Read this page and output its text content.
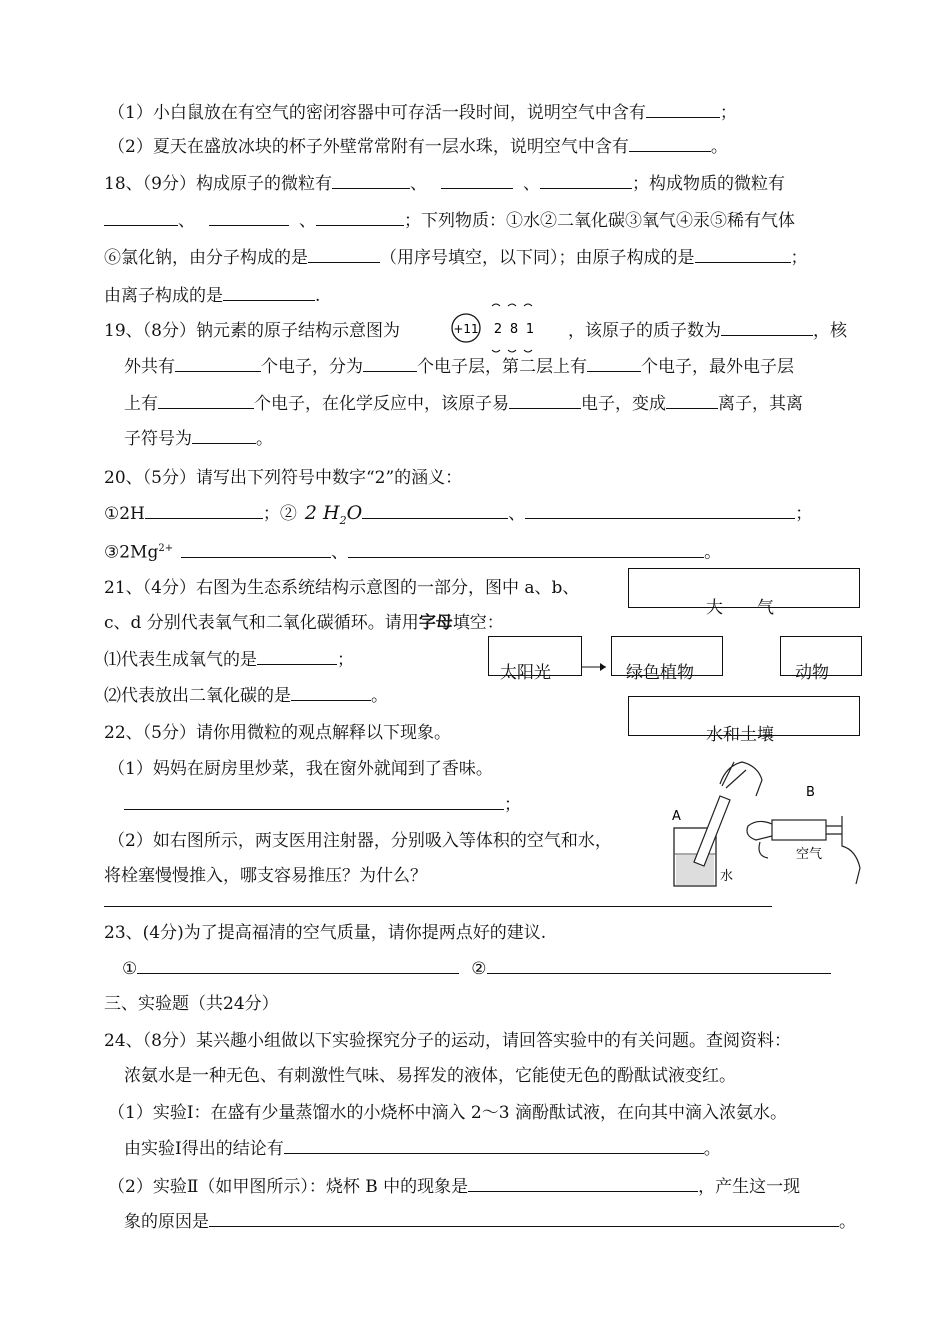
（1）小白鼠放在有空气的密闭容器中可存活一段时间，说明空气中含有	；
（2）夏天在盛放冰块的杯子外壁常常附有一层水珠，说明空气中含有	。
18、（9分）构成原子的微粒有	、	、	；构成物质的微粒有
、	、	；下列物质：①水②二氧化碳③氧气④汞⑤稀有气体
⑥氯化钠，由分子构成的是	（用序号填空，以下同）；由原子构成的是	；
由离子构成的是	.
19、（8分）钠元素的原子结构示意图为	+11 2 8 1 ，该原子的质子数为	，核
外共有	个电子，分为	个电子层，第二层上有	个电子，最外电子层
上有	个电子，在化学反应中，该原子易	电子，变成	离子，其离
子符号为	。
20、（5分）请写出下列符号中数字“2”的涵义：
①2H	；② 2 $H_2O$	、	；
$③2Mg^{2+}$	、	。
21、（4分）右图为生态系统结构示意图的一部分，图中 a、b、
c、d 分别代表氧气和二氧化碳循环。请用字母填空：
⑴代表生成氧气的是	；
⑵代表放出二氧化碳的是	。
大　　气
太阳光	绿色植物	动物
水和土壤
22、（5分）请你用微粒的观点解释以下现象。
（1）妈妈在厨房里炒菜，我在窗外就闻到了香味。
；
（2）如右图所示，两支医用注射器，分别吸入等体积的空气和水，
将栓塞慢慢推入，哪支容易推压？为什么？
A
水
B
空气
23、(4分)为了提高福清的空气质量，请你提两点好的建议.
①	②
三、实验题（共24分）
24、（8分）某兴趣小组做以下实验探究分子的运动，请回答实验中的有关问题。查阅资料：
浓氨水是一种无色、有刺激性气味、易挥发的液体，它能使无色的酚酞试液变红。
（1）实验Ⅰ：在盛有少量蒸馏水的小烧杯中滴入 2～3 滴酚酞试液，在向其中滴入浓氨水。
由实验Ⅰ得出的结论有	。
（2）实验Ⅱ（如甲图所示）：烧杯 B 中的现象是	，产生这一现
象的原因是	。
